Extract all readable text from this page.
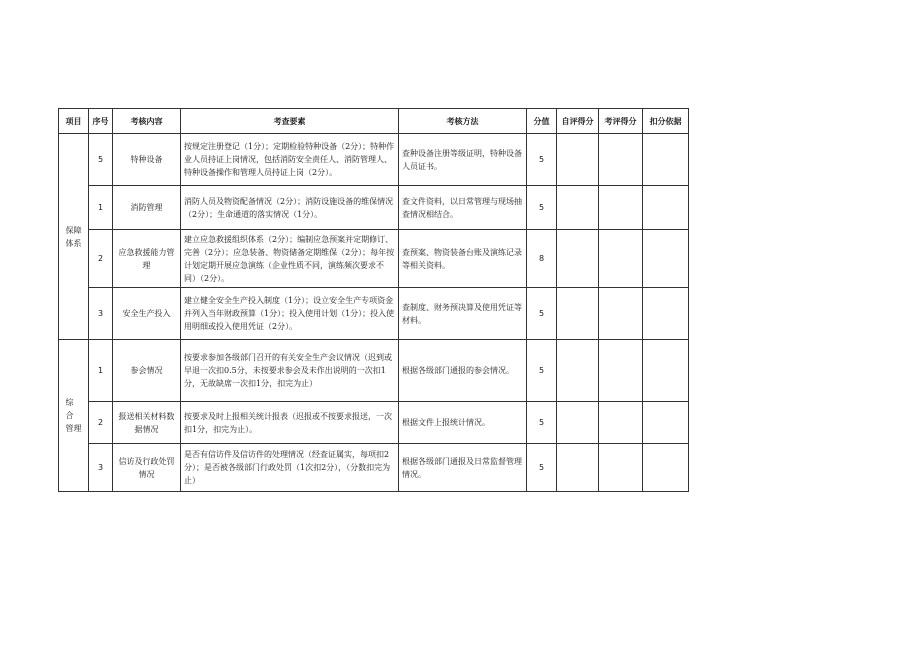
项目	序号	考核内容	考查要素	考核方法	分值	自评得分	考评得分	扣分依据

保障
体系	5	特种设备	按规定注册登记（1分）；定期检验特种设备（2分）；特种作业人员持证上岗情况，包括消防安全责任人、消防管理人、特种设备操作和管理人员持证上岗（2分）。	查种设备注册等级证明，特种设备人员证书。	5			
	1	消防管理	消防人员及物资配备情况（2分）；消防设施设备的维保情况（2分）；生命通道的落实情况（1分）。	查文件资料，以日常管理与现场抽查情况相结合。	5			
	2	应急救援能力管理	建立应急救援组织体系（2分）；编制应急预案并定期修订、完善（2分）；应急装备、物资储备定期维保（2分）；每年按计划定期开展应急演练（企业性质不同，演练频次要求不同）（2分）。	查预案、物资装备台账及演练记录等相关资料。	8			
	3	安全生产投入	建立健全安全生产投入制度（1分）；设立安全生产专项资金并列入当年财政预算（1分）；投入使用计划（1分）；投入使用明细或投入使用凭证（2分）。	查制度、财务预决算及使用凭证等材料。	5			

综 合
管理	1	参会情况	按要求参加各级部门召开的有关安全生产会议情况（迟到或早退一次扣0.5分，未按要求参会及未作出说明的一次扣1分，无故缺席一次扣1分，扣完为止）	根据各级部门通报的参会情况。	5			
	2	报送相关材料数据情况	按要求及时上报相关统计报表（迟报或不按要求报送，一次扣1分，扣完为止）。	根据文件上报统计情况。	5			
	3	信访及行政处罚情况	是否有信访件及信访件的处理情况（经查证属实，每项扣2分）；是否被各级部门行政处罚（1次扣2分），（分数扣完为止）	根据各级部门通报及日常监督管理情况。	5			
